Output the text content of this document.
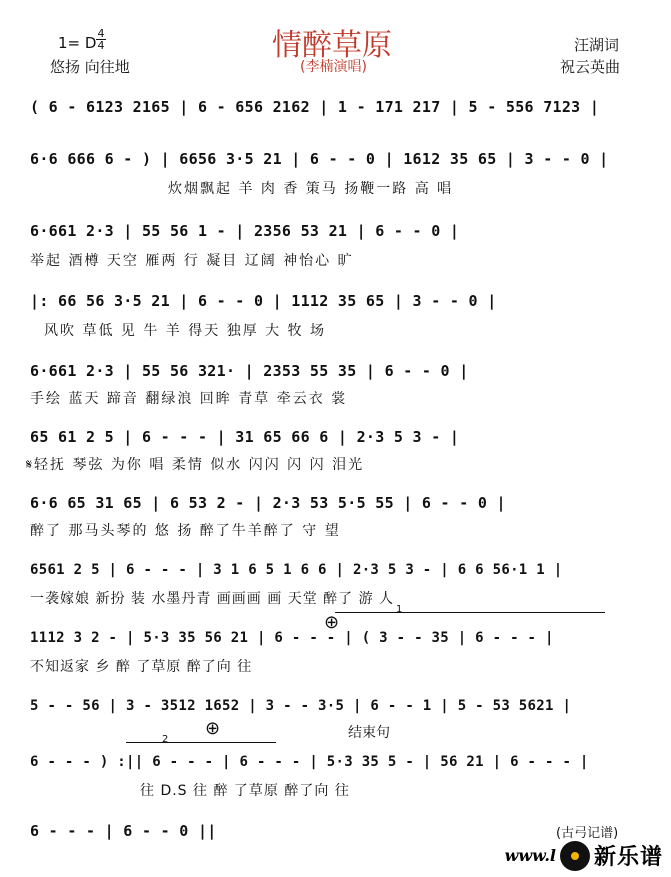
1= D
4
4	情醉草原
(李楠演唱)
悠扬 向往地
汪湖词
祝云英曲
( 6 - 6123 2165 | 6 - 656 2162 | 1 - 171 217 | 5 - 556 7123 |
6·6 666 6 - ) | 6656 3·5 21 | 6 - - 0 | 1612 35 65 | 3 - - 0 |
炊烟飘起 羊 肉 香 策马 扬鞭一路 高 唱
6·661 2·3 | 55 56 1 - | 2356 53 21 | 6 - - 0 |
举起 酒樽 天空 雁两 行 凝目 辽阔 神怡心 旷
|: 66 56 3·5 21 | 6 - - 0 | 1112 35 65 | 3 - - 0 |
风吹 草低 见 牛 羊 得天 独厚 大 牧 场
6·661 2·3 | 55 56 321· | 2353 55 35 | 6 - - 0 |
手绘 蓝天 蹄音 翻绿浪 回眸 青草 牵云衣 裳
65 61 2 5 | 6 - - - | 31 65 66 6 | 2·3 5 3 - |
𝄋轻抚 琴弦 为你 唱 柔情 似水 闪闪 闪 闪 泪光
6·6 65 31 65 | 6 53 2 - | 2·3 53 5·5 55 | 6 - - 0 |
醉了 那马头琴的 悠 扬 醉了牛羊醉了 守 望
6561 2 5 | 6 - - - | 3 1 6 5 1 6 6 | 2·3 5 3 - | 6 6 56·1 1 |
一袭嫁娘 新扮 装 水墨丹青 画画画 画 天堂 醉了 游 人
1
1112 3 2 - | 5·3 35 56 21 | 6 - - - | ( 3 - - 35 | 6 - - - |
不知返家 乡 醉 了草原 醉了向 往
⊕
5 - - 56 | 3 - 3512 1652 | 3 - - 3·5 | 6 - - 1 | 5 - 53 5621 |
结束句
2
⊕
6 - - - ) :|| 6 - - - | 6 - - - | 5·3 35 5 - | 56 21 | 6 - - - |
往 D.S 往 醉 了草原 醉了向 往
6 - - - | 6 - - 0 ||	(古弓记谱)
www.l 新乐谱
